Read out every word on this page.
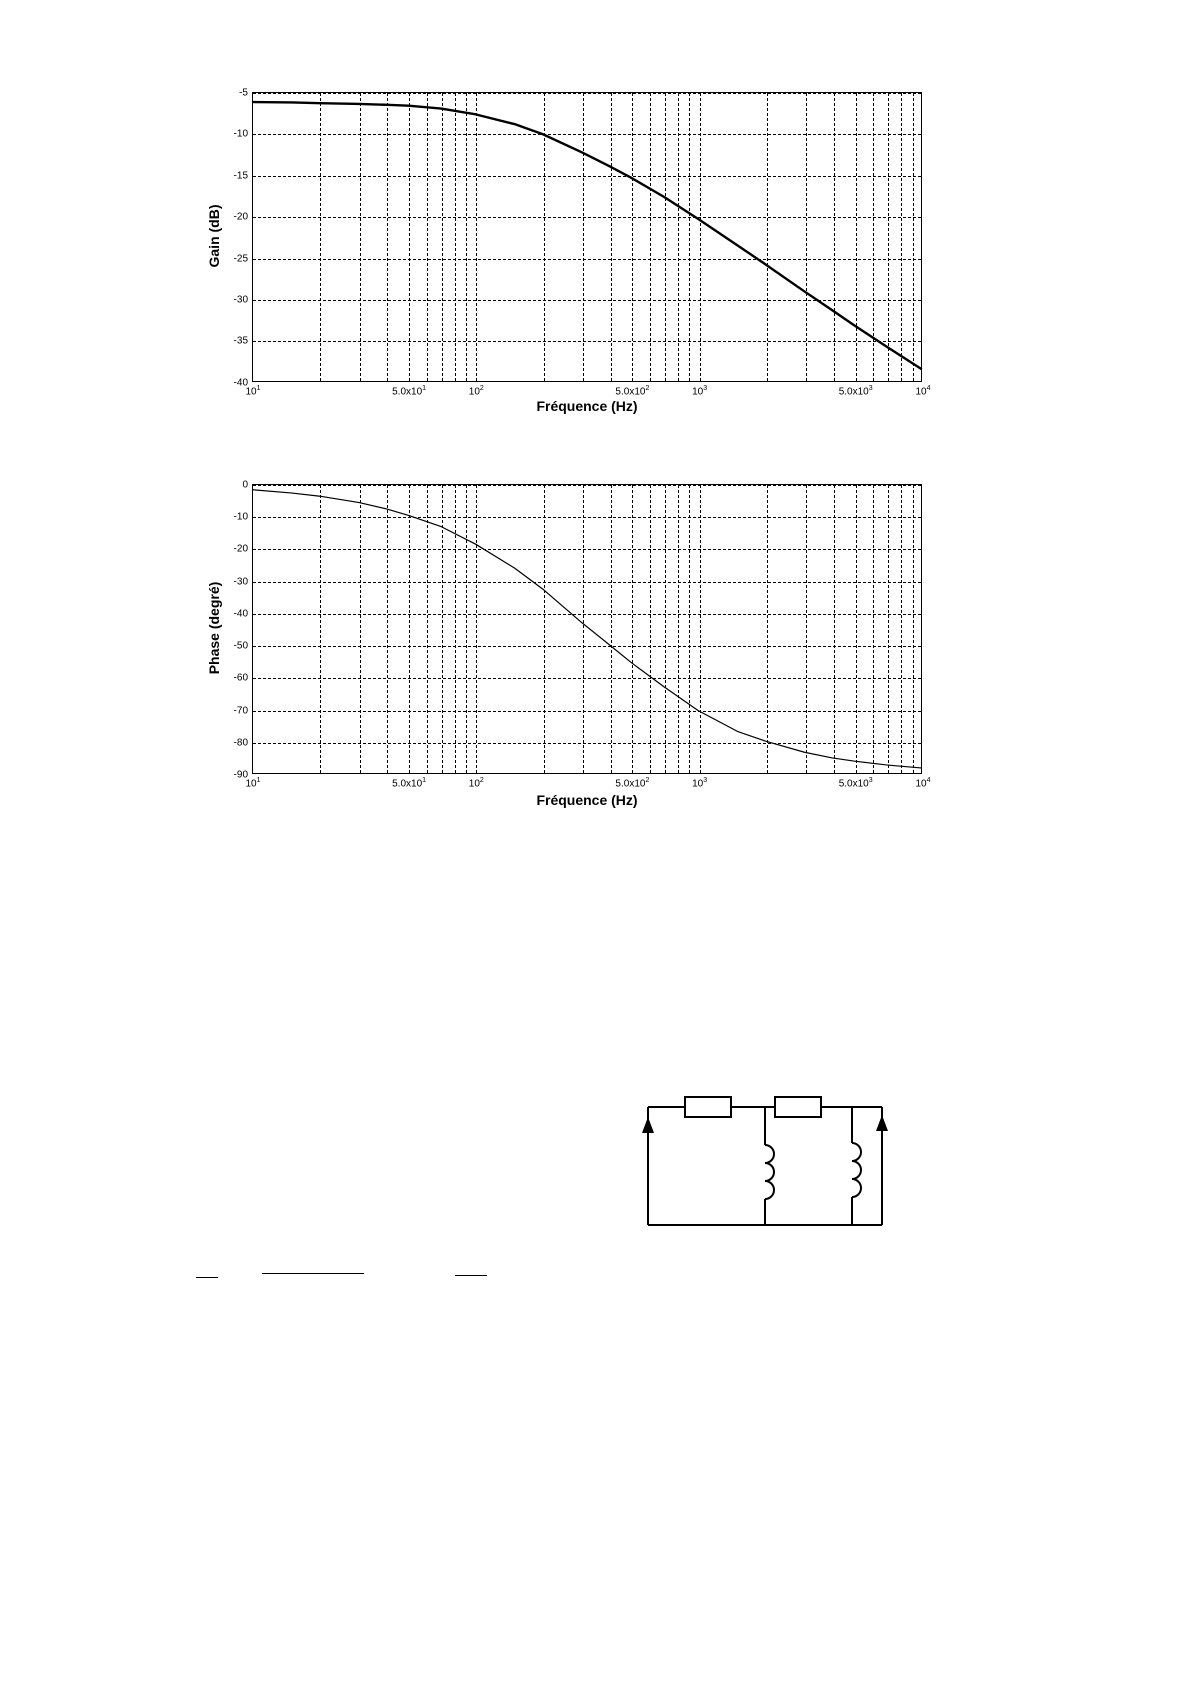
Gain (dB)
Fréquence (Hz)
-5
-10
-15
-20
-25
-30
-35
-40
$10^1$	$5.0x10^1$	$10^2$	$5.0x10^2$	$10^3$	$5.0x10^3$	$10^4$
Phase (degré)
Fréquence (Hz)
0
-10
-20
-30
-40
-50
-60
-70
-80
-90
$10^1$	$5.0x10^1$	$10^2$	$5.0x10^2$	$10^3$	$5.0x10^3$	$10^4$
